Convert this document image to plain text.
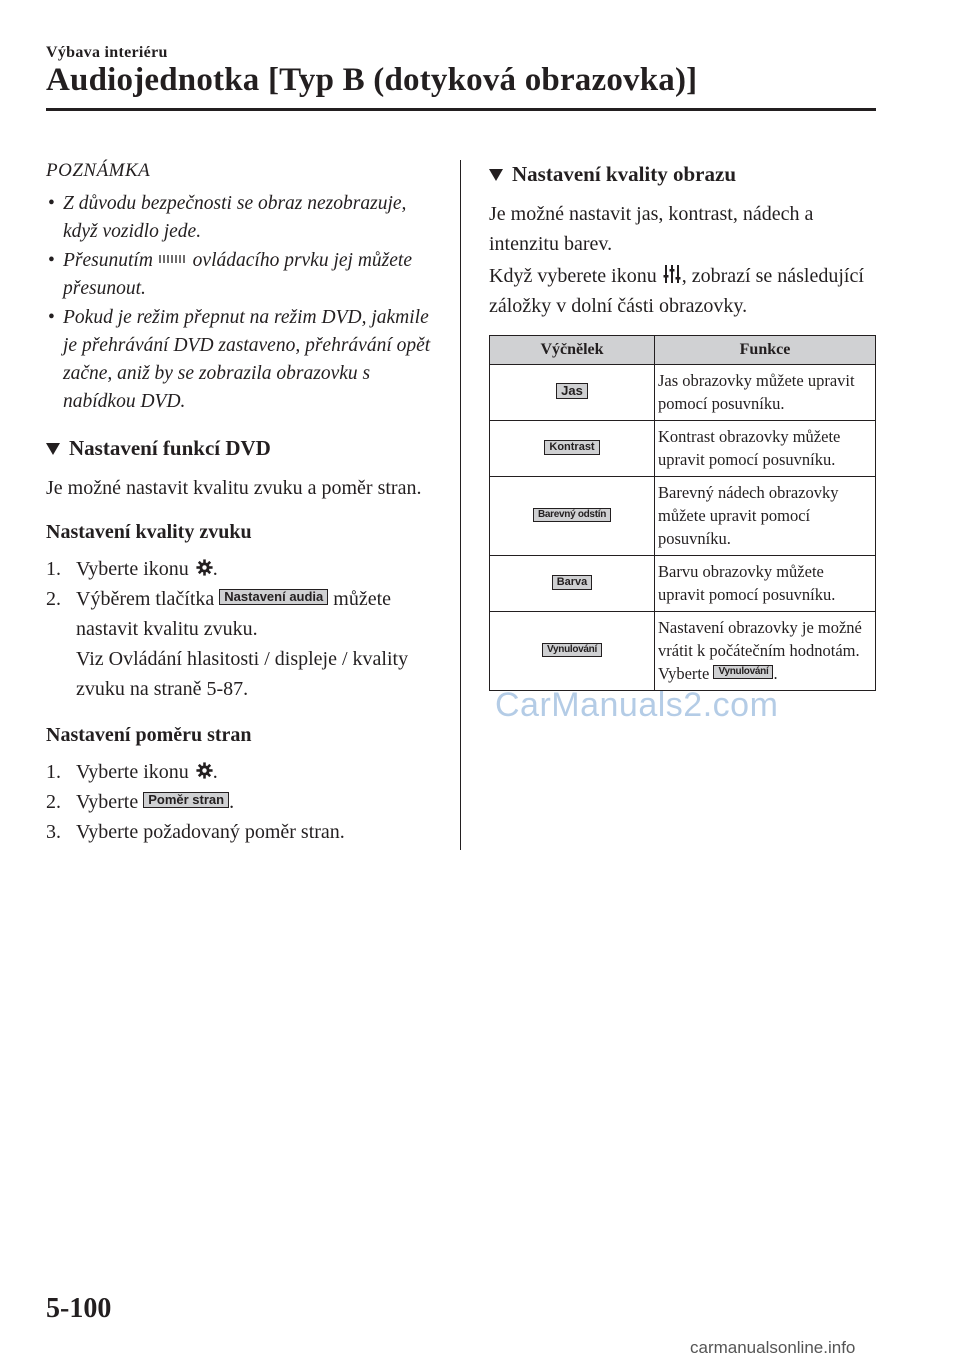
Výbava interiéru
Audiojednotka [Typ B (dotyková obrazovka)]
POZNÁMKA

• Z důvodu bezpečnosti se obraz nezobrazuje, když vozidlo jede.

• Přesunutím ovládacího prvku jej můžete přesunout.

• Pokud je režim přepnut na režim DVD, jakmile je přehrávání DVD zastaveno, přehrávání opět začne, aniž by se zobrazila obrazovku s nabídkou DVD.

Nastavení funkcí DVD

Je možné nastavit kvalitu zvuku a poměr stran.

Nastavení kvality zvuku

1. Vyberte ikonu .

2. Výběrem tlačítka Nastavení audia můžete nastavit kvalitu zvuku.
Viz Ovládání hlasitosti / displeje / kvality zvuku na straně 5-87.

Nastavení poměru stran

1. Vyberte ikonu .

2. Vyberte Poměr stran .

3. Vyberte požadovaný poměr stran.

Nastavení kvality obrazu

Je možné nastavit jas, kontrast, nádech a intenzitu barev.

Když vyberete ikonu , zobrazí se následující záložky v dolní části obrazovky.

Výčnělek	Funkce
Jas	Jas obrazovky můžete upravit pomocí posuvníku.
Kontrast	Kontrast obrazovky můžete upravit pomocí posuvníku.
Barevný odstín	Barevný nádech obrazovky můžete upravit pomocí posuvníku.
Barva	Barvu obrazovky můžete upravit pomocí posuvníku.
Vynulování	Nastavení obrazovky je možné vrátit k počátečním hodnotám.
Vyberte Vynulování .
CarManuals2.com
5-100
carmanualsonline.info
